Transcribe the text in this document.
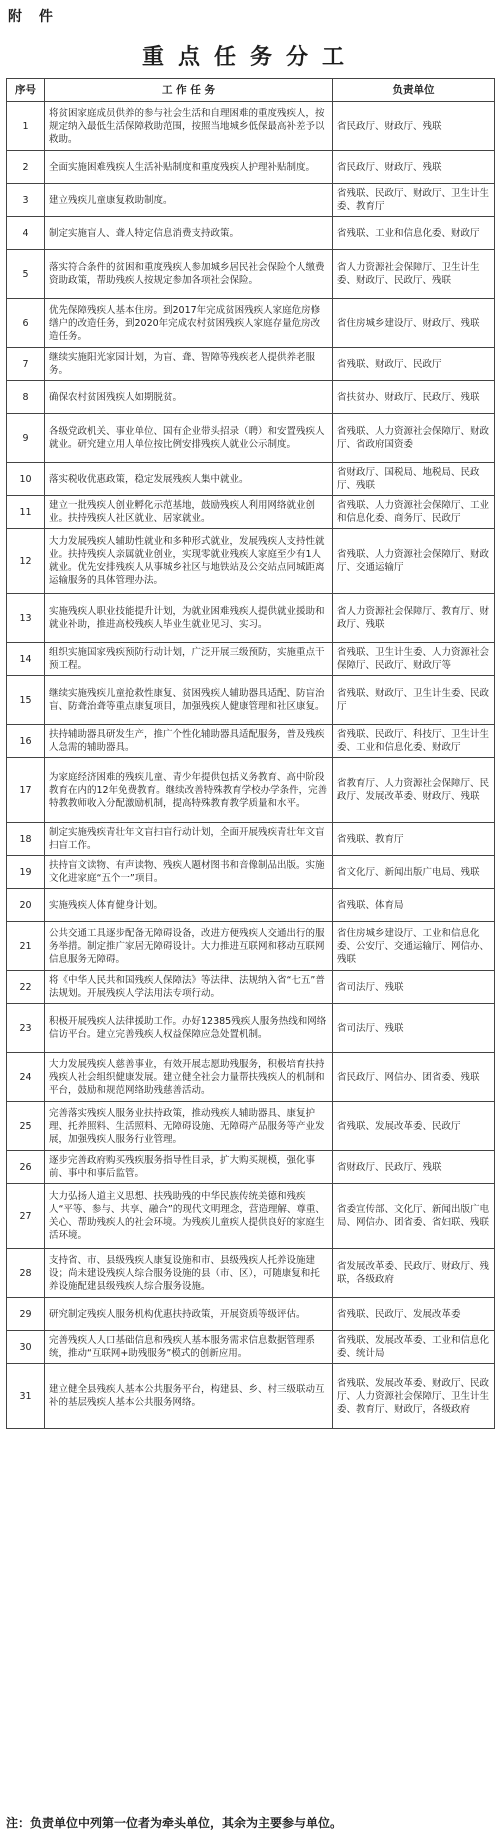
附 件
重点任务分工
序号	工 作 任 务	负责单位
1	将贫困家庭成员供养的参与社会生活和自理困难的重度残疾人，按规定纳入最低生活保障救助范围，按照当地城乡低保最高补差予以救助。	省民政厅、财政厅、残联
2	全面实施困难残疾人生活补贴制度和重度残疾人护理补贴制度。	省民政厅、财政厅、残联
3	建立残疾儿童康复救助制度。	省残联、民政厅、财政厅、卫生计生委、教育厅
4	制定实施盲人、聋人特定信息消费支持政策。	省残联、工业和信息化委、财政厅
5	落实符合条件的贫困和重度残疾人参加城乡居民社会保险个人缴费资助政策，帮助残疾人按规定参加各项社会保险。	省人力资源社会保障厅、卫生计生委、财政厅、民政厅、残联
6	优先保障残疾人基本住房。到2017年完成贫困残疾人家庭危房修缮户的改造任务，到2020年完成农村贫困残疾人家庭存量危房改造任务。	省住房城乡建设厅、财政厅、残联
7	继续实施阳光家园计划，为盲、聋、智障等残疾老人提供养老服务。	省残联、财政厅、民政厅
8	确保农村贫困残疾人如期脱贫。	省扶贫办、财政厅、民政厅、残联
9	各级党政机关、事业单位、国有企业带头招录（聘）和安置残疾人就业。研究建立用人单位按比例安排残疾人就业公示制度。	省残联、人力资源社会保障厅、财政厅、省政府国资委
10	落实税收优惠政策，稳定发展残疾人集中就业。	省财政厅、国税局、地税局、民政厅、残联
11	建立一批残疾人创业孵化示范基地，鼓励残疾人利用网络就业创业。扶持残疾人社区就业、居家就业。	省残联、人力资源社会保障厅、工业和信息化委、商务厅、民政厅
12	大力发展残疾人辅助性就业和多种形式就业，发展残疾人支持性就业。扶持残疾人亲属就业创业，实现零就业残疾人家庭至少有1人就业。优先安排残疾人从事城乡社区与地铁站及公交站点同城距离运输服务的具体管理办法。	省残联、人力资源社会保障厅、财政厅、交通运输厅
13	实施残疾人职业技能提升计划，为就业困难残疾人提供就业援助和就业补助，推进高校残疾人毕业生就业见习、实习。	省人力资源社会保障厅、教育厅、财政厅、残联
14	组织实施国家残疾预防行动计划，广泛开展三级预防，实施重点干预工程。	省残联、卫生计生委、人力资源社会保障厅、民政厅、财政厅等
15	继续实施残疾儿童抢救性康复、贫困残疾人辅助器具适配、防盲治盲、防聋治聋等重点康复项目，加强残疾人健康管理和社区康复。	省残联、财政厅、卫生计生委、民政厅
16	扶持辅助器具研发生产，推广个性化辅助器具适配服务，普及残疾人急需的辅助器具。	省残联、民政厅、科技厅、卫生计生委、工业和信息化委、财政厅
17	为家庭经济困难的残疾儿童、青少年提供包括义务教育、高中阶段教育在内的12年免费教育。继续改善特殊教育学校办学条件，完善特教教师收入分配激励机制，提高特殊教育教学质量和水平。	省教育厅、人力资源社会保障厅、民政厅、发展改革委、财政厅、残联
18	制定实施残疾青壮年文盲扫盲行动计划，全面开展残疾青壮年文盲扫盲工作。	省残联、教育厅
19	扶持盲文读物、有声读物、残疾人题材图书和音像制品出版。实施文化进家庭“五个一”项目。	省文化厅、新闻出版广电局、残联
20	实施残疾人体育健身计划。	省残联、体育局
21	公共交通工具逐步配备无障碍设备，改进方便残疾人交通出行的服务举措。制定推广家居无障碍设计。大力推进互联网和移动互联网信息服务无障碍。	省住房城乡建设厅、工业和信息化委、公安厅、交通运输厅、网信办、残联
22	将《中华人民共和国残疾人保障法》等法律、法规纳入省“七五”普法规划。开展残疾人学法用法专项行动。	省司法厅、残联
23	积极开展残疾人法律援助工作。办好12385残疾人服务热线和网络信访平台。建立完善残疾人权益保障应急处置机制。	省司法厅、残联
24	大力发展残疾人慈善事业，有效开展志愿助残服务，积极培育扶持残疾人社会组织健康发展。建立健全社会力量帮扶残疾人的机制和平台，鼓励和规范网络助残慈善活动。	省民政厅、网信办、团省委、残联
25	完善落实残疾人服务业扶持政策，推动残疾人辅助器具、康复护理、托养照料、生活照料、无障碍设施、无障碍产品服务等产业发展，加强残疾人服务行业管理。	省残联、发展改革委、民政厅
26	逐步完善政府购买残疾服务指导性目录，扩大购买规模，强化事前、事中和事后监管。	省财政厅、民政厅、残联
27	大力弘扬人道主义思想、扶残助残的中华民族传统美德和残疾人“平等、参与、共享、融合”的现代文明理念，营造理解、尊重、关心、帮助残疾人的社会环境。为残疾儿童疾人提供良好的家庭生活环境。	省委宣传部、文化厅、新闻出版广电局、网信办、团省委、省妇联、残联
28	支持省、市、县级残疾人康复设施和市、县级残疾人托养设施建设；尚未建设残疾人综合服务设施的县（市、区），可随康复和托养设施配建县级残疾人综合服务设施。	省发展改革委、民政厅、财政厅、残联，各级政府
29	研究制定残疾人服务机构优惠扶持政策，开展资质等级评估。	省残联、民政厅、发展改革委
30	完善残疾人人口基础信息和残疾人基本服务需求信息数据管理系统，推动“互联网+助残服务”模式的创新应用。	省残联、发展改革委、工业和信息化委、统计局
31	建立健全县残疾人基本公共服务平台，构建县、乡、村三级联动互补的基层残疾人基本公共服务网络。	省残联、发展改革委、财政厅、民政厅、人力资源社会保障厅、卫生计生委、教育厅、财政厅，各级政府
注：负责单位中列第一位者为牵头单位，其余为主要参与单位。
